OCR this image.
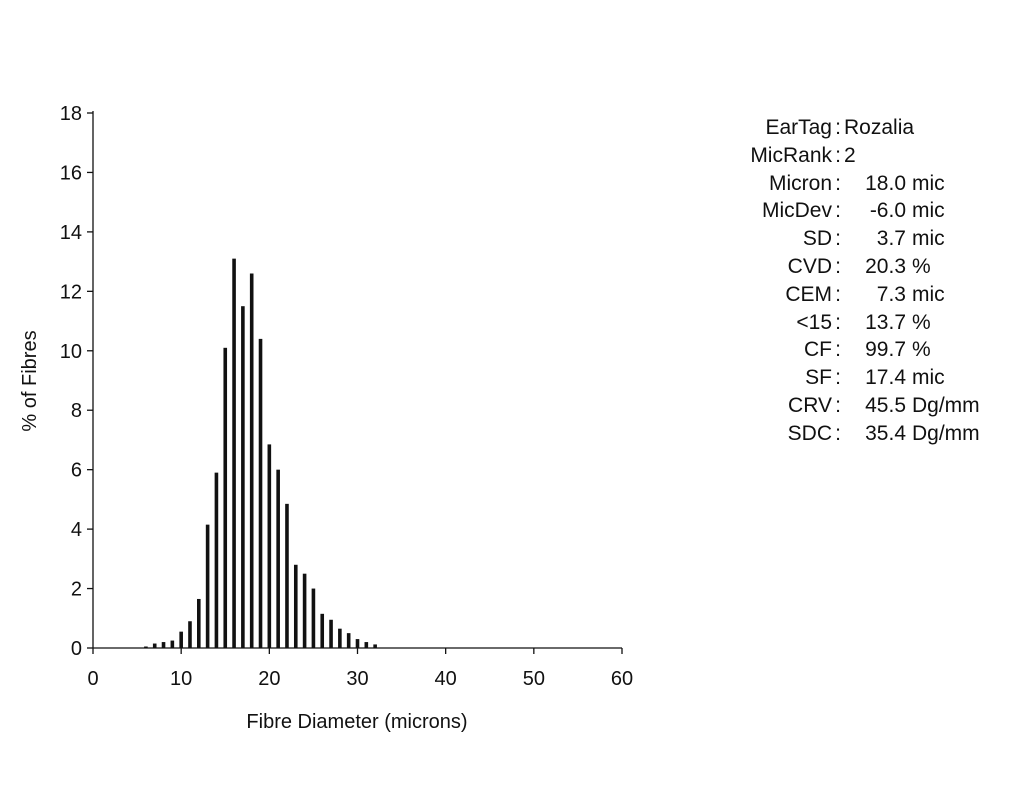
0
2
4
6
8
10
12
14
16
18
0	10	20	30	40	50	60
% of Fibres
Fibre Diameter (microns)
EarTag : Rozalia
MicRank : 2
Micron :	18.0 mic
MicDev :	-6.0 mic
SD :	3.7 mic
CVD :	20.3 %
CEM :	7.3 mic
<15 :	13.7 %
CF :	99.7 %
SF :	17.4 mic
CRV :	45.5 Dg/mm
SDC :	35.4 Dg/mm
